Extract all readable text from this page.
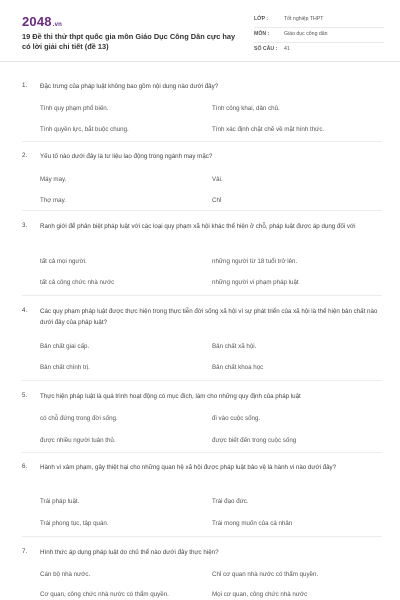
2048.vn
19 Đề thi thử thpt quốc gia môn Giáo Dục Công Dân cực hay có lời giải chi tiết (đề 13)
LỚP :	Tốt nghiệp THPT
MÔN :	Giáo dục công dân
SỐ CÂU : 41
1. Đặc trưng của pháp luật không bao gồm nội dung nào dưới đây?
Tính quy phạm phổ biến.	Tính công khai, dân chủ.
Tính quyền lực, bắt buộc chung.	Tính xác định chặt chẽ về mặt hình thức.
2. Yếu tố nào dưới đây là tư liệu lao động trong ngành may mặc?
Máy may.	Vải.
Thợ may.	Chỉ
3. Ranh giới để phân biệt pháp luật với các loại quy phạm xã hội khác thể hiện ở chỗ, pháp luật được áp dụng đối với
tất cả mọi người.	những người từ 18 tuổi trở lên.
tất cả công chức nhà nước	những người vi phạm pháp luật
4. Các quy phạm pháp luật được thực hiện trong thực tiễn đời sống xã hội vì sự phát triển của xã hội là thể hiện bản chất nào dưới đây của pháp luật?
Bản chất giai cấp.	Bản chất xã hội.
Bản chất chính trị.	Bản chất khoa học
5. Thực hiện pháp luật là quá trình hoạt động có mục đích, làm cho những quy định của pháp luật
có chỗ đứng trong đời sống.	đi vào cuộc sống.
được nhiều người tuân thủ.	được biết đến trong cuộc sống
6. Hành vi xâm phạm, gây thiệt hại cho những quan hệ xã hội được pháp luật bảo vệ là hành vi nào dưới đây?
Trái pháp luật.	Trái đạo đức.
Trái phong tục, tập quán.	Trái mong muốn của cá nhân
7. Hình thức áp dụng pháp luật do chủ thể nào dưới đây thực hiện?
Cán bộ nhà nước.	Chỉ cơ quan nhà nước có thẩm quyền.
Cơ quan, công chức nhà nước có thẩm quyền.	Mọi cơ quan, công chức nhà nước
